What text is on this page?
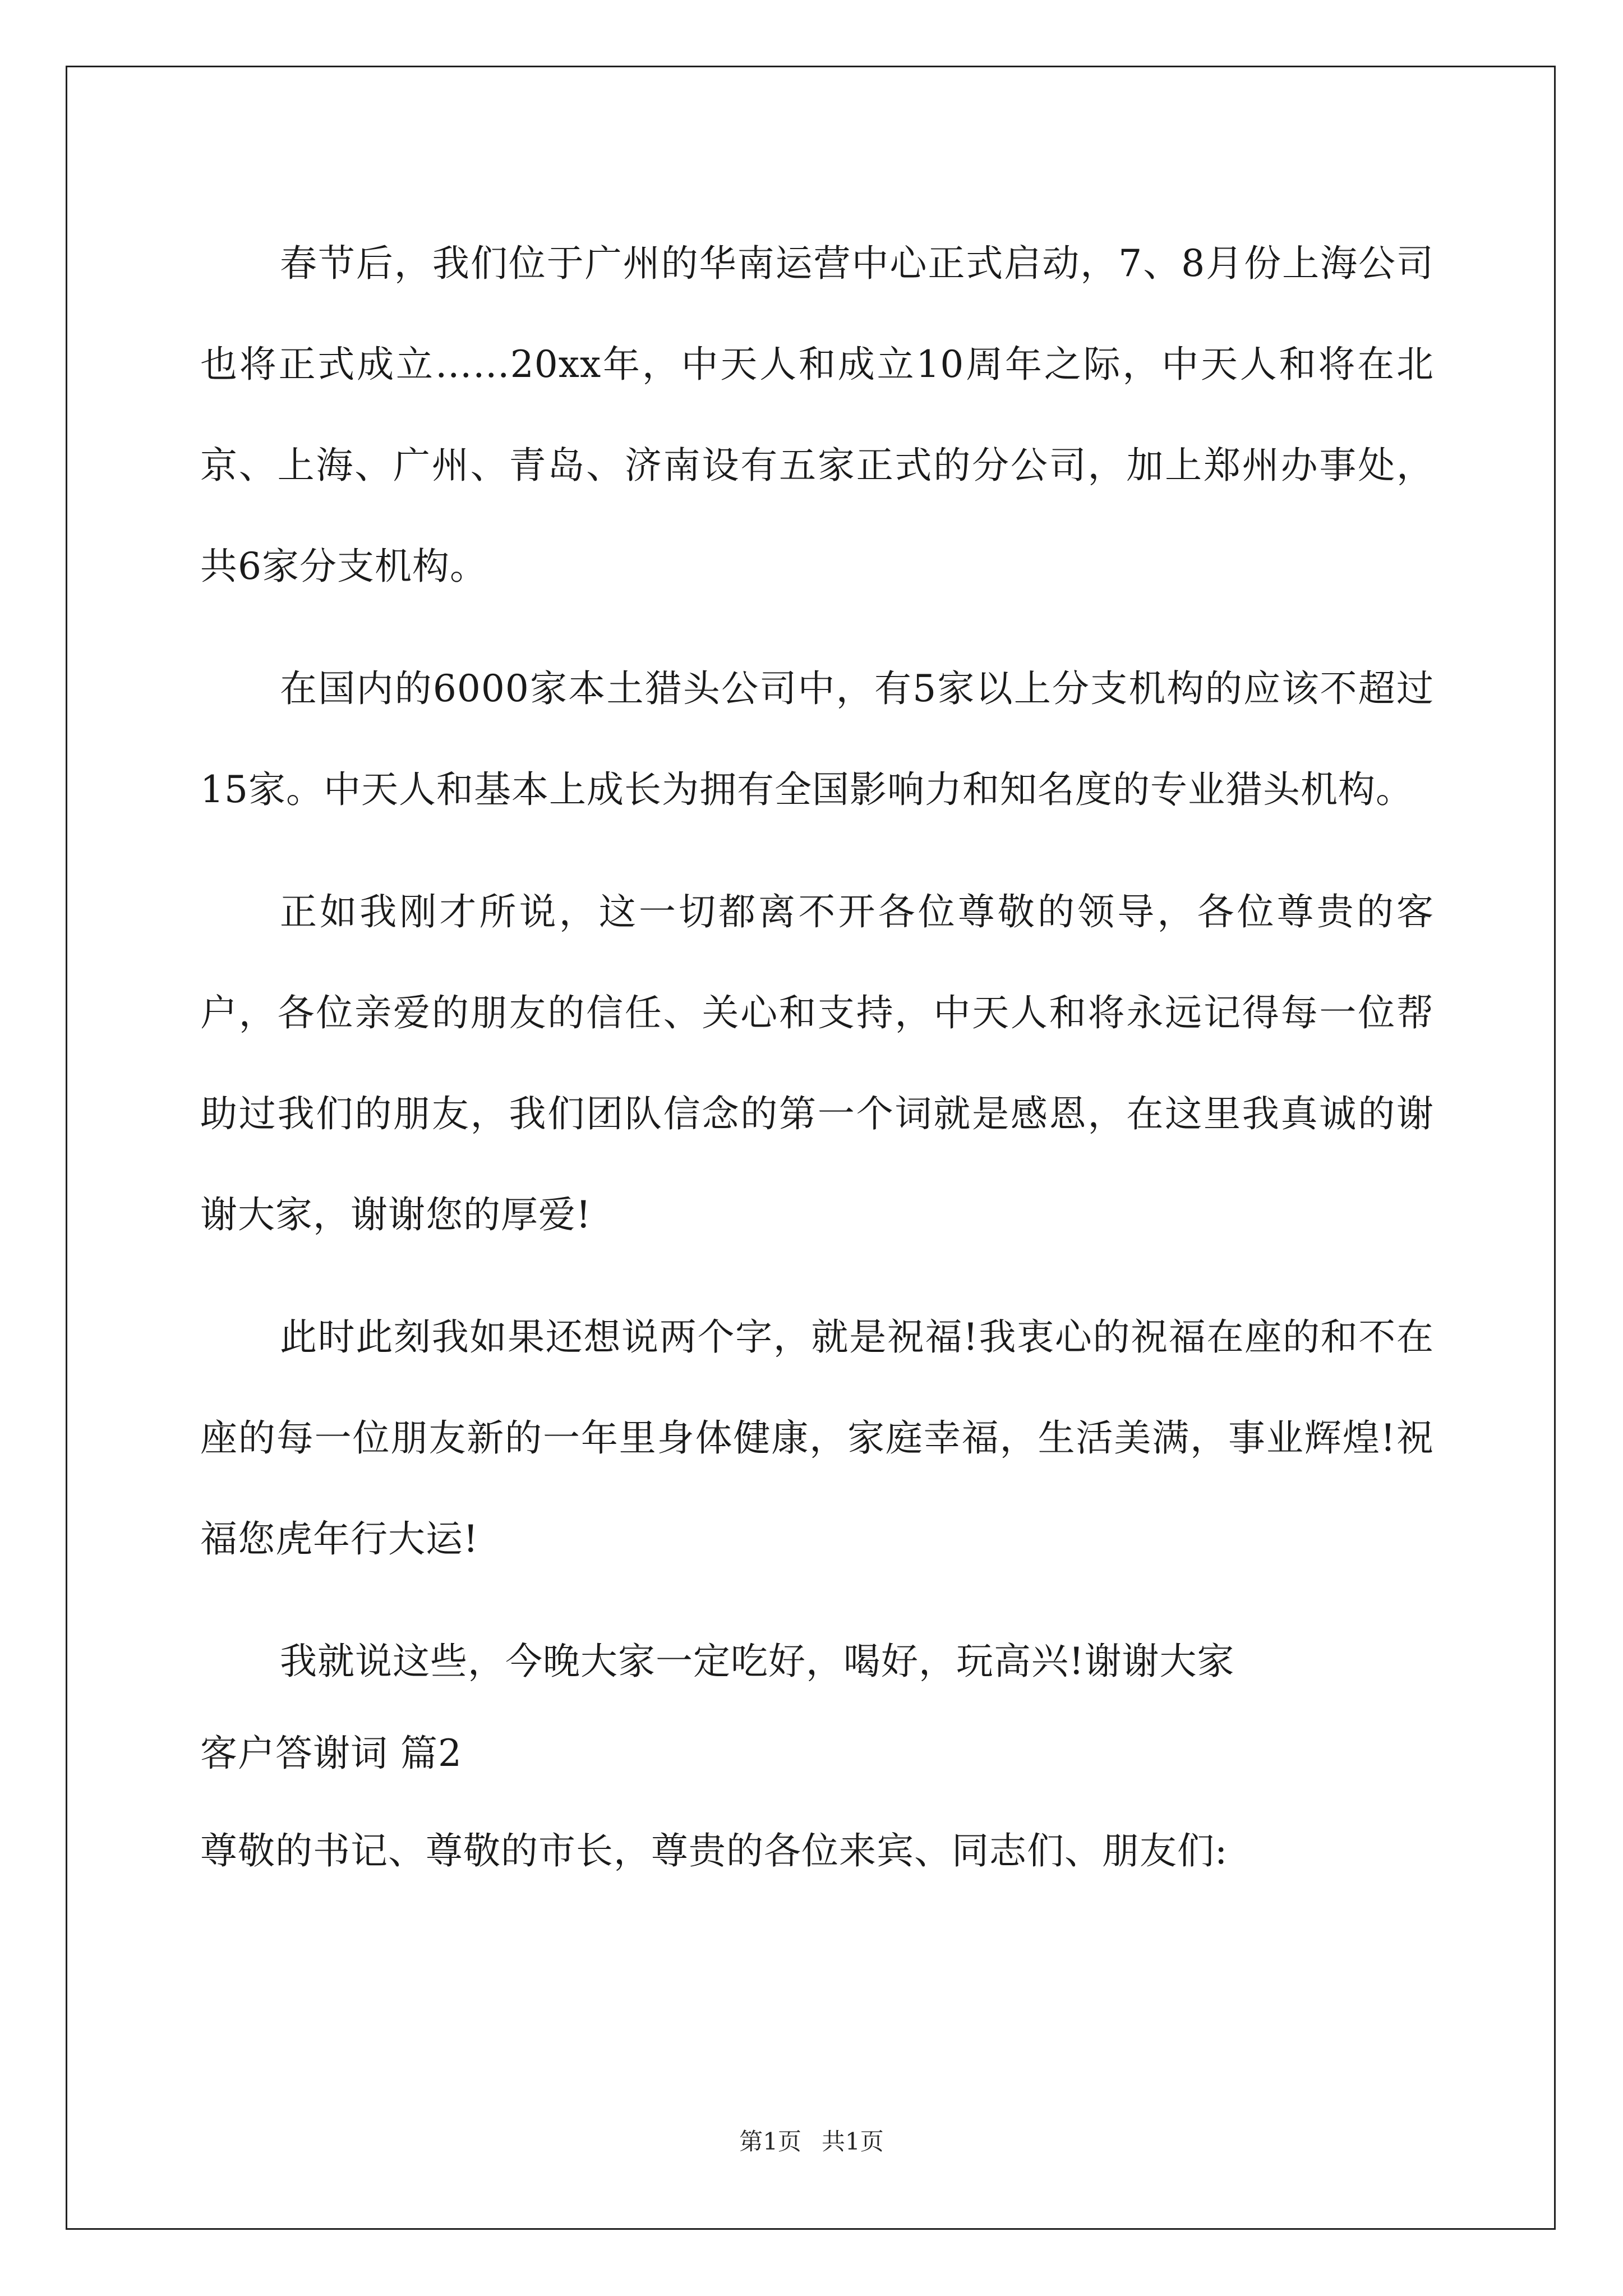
春节后，我们位于广州的华南运营中心正式启动，7、8月份上海公司也将正式成立……20xx年，中天人和成立10周年之际，中天人和将在北京、上海、广州、青岛、济南设有五家正式的分公司，加上郑州办事处，共6家分支机构。

在国内的6000家本土猎头公司中，有5家以上分支机构的应该不超过15家。中天人和基本上成长为拥有全国影响力和知名度的专业猎头机构。

正如我刚才所说，这一切都离不开各位尊敬的领导，各位尊贵的客户，各位亲爱的朋友的信任、关心和支持，中天人和将永远记得每一位帮助过我们的朋友，我们团队信念的第一个词就是感恩，在这里我真诚的谢谢大家，谢谢您的厚爱!

此时此刻我如果还想说两个字，就是祝福!我衷心的祝福在座的和不在座的每一位朋友新的一年里身体健康，家庭幸福，生活美满，事业辉煌!祝福您虎年行大运!

我就说这些，今晚大家一定吃好，喝好，玩高兴!谢谢大家

客户答谢词 篇2
尊敬的书记、尊敬的市长，尊贵的各位来宾、同志们、朋友们:
第1页 共1页
